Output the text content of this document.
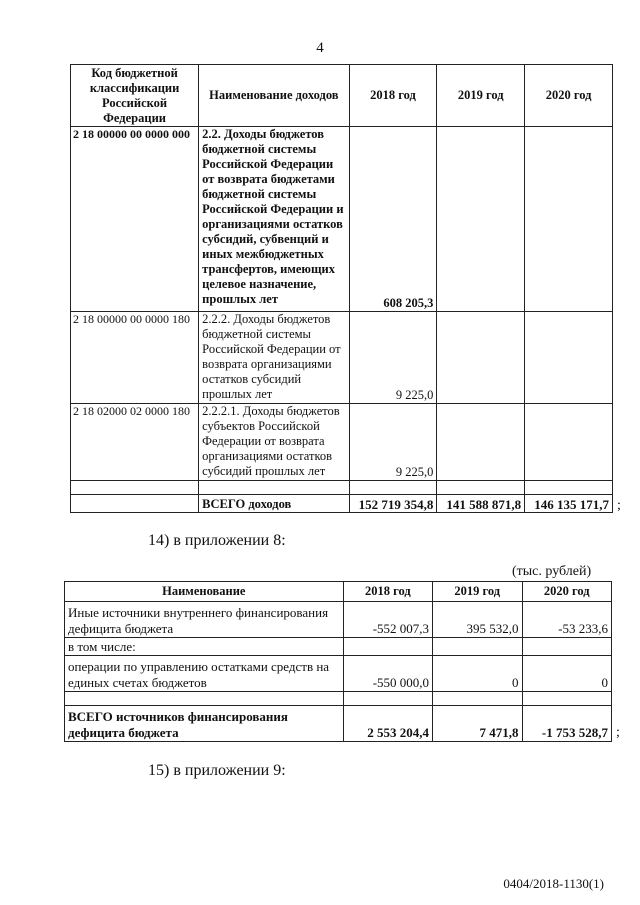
4
Код бюджетной классификации Российской Федерации	Наименование доходов	2018 год	2019 год	2020 год
2 18 00000 00 0000 000	2.2. Доходы бюджетов бюджетной системы Российской Федерации от возврата бюджетами бюджетной системы Российской Федерации и организациями остатков субсидий, субвенций и иных межбюджетных трансфертов, имеющих целевое назначение, прошлых лет	608 205,3		
2 18 00000 00 0000 180	2.2.2. Доходы бюджетов бюджетной системы Российской Федерации от возврата организациями остатков субсидий прошлых лет	9 225,0		
2 18 02000 02 0000 180	2.2.2.1. Доходы бюджетов субъектов Российской Федерации от возврата организациями остатков субсидий прошлых лет	9 225,0		

	ВСЕГО доходов	152 719 354,8	141 588 871,8	146 135 171,7 ;
14) в приложении 8:
(тыс. рублей)
Наименование	2018 год	2019 год	2020 год
Иные источники внутреннего финансирования дефицита бюджета	-552 007,3	395 532,0	-53 233,6
в том числе:			
операции по управлению остатками средств на единых счетах бюджетов	-550 000,0	0	0

ВСЕГО источников финансирования дефицита бюджета	2 553 204,4	7 471,8	-1 753 528,7 ;
15) в приложении 9:
0404/2018-1130(1)
